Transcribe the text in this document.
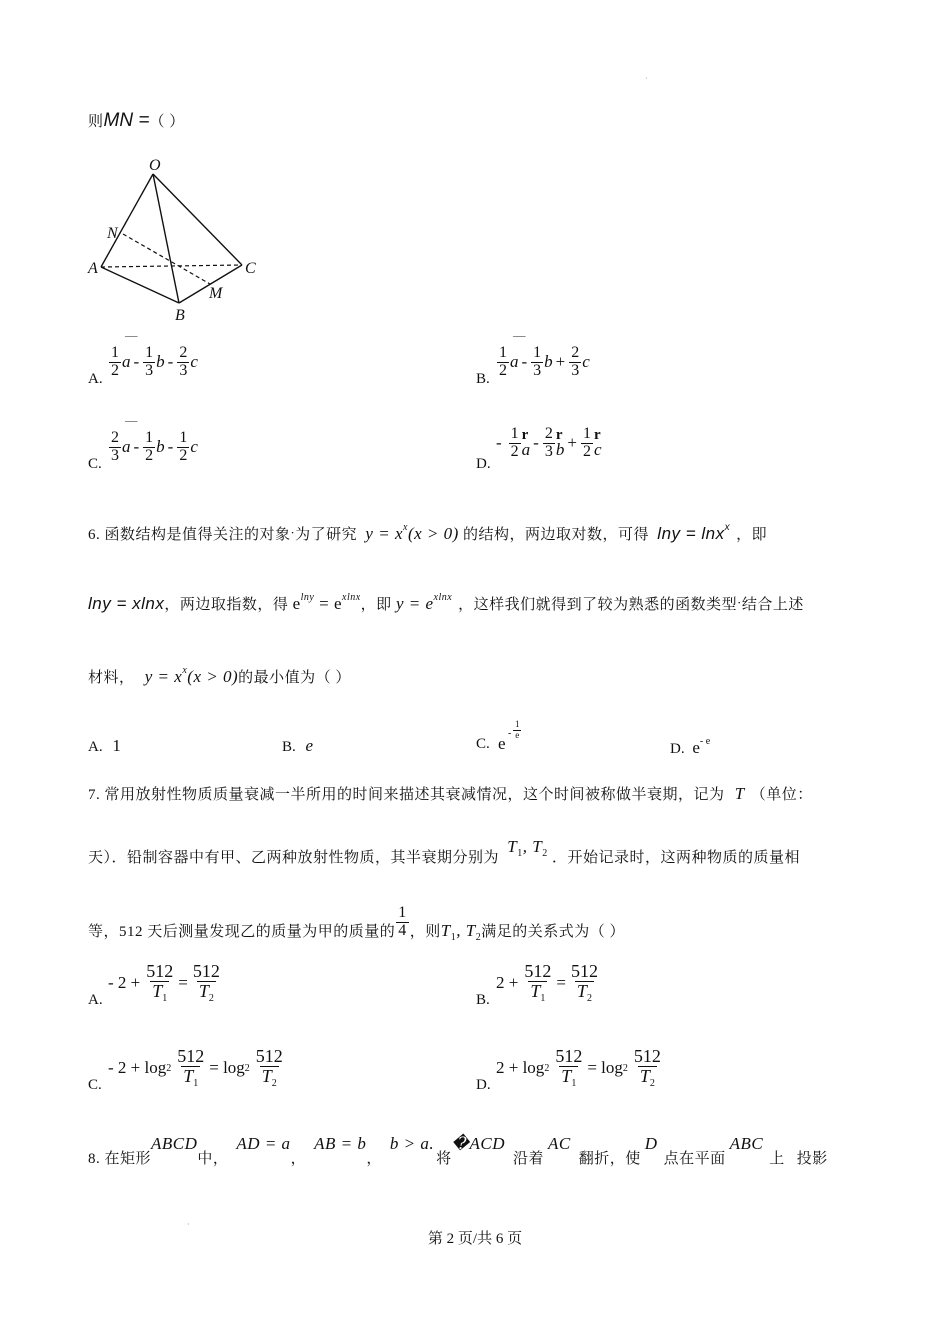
·
·
则MN =（ ）
O
N
A	C
M
B
A.
¯¯¯
$\frac{1}{2}$ a - $\frac{1}{3}$ b - $\frac{2}{3}$ c
B.
¯¯¯
$\frac{1}{2}$ a - $\frac{1}{3}$ $b + \frac{2}{3}$ c
C.
¯¯¯
$\frac{2}{3}$ a - $\frac{1}{2}$ b - $\frac{1}{2}$ c
D.
- $\frac{1}{2}$ r
a - $\frac{2}{3}$ r
$b + \frac{1}{2}$ r
c
6. 函数结构是值得关注的对象ˑ为了研究 $y = x^x(x > 0)$ 的结构，两边取对数，可得 lny = lnx$^x$ ，即
lny = xlnx，两边取指数，得 $e^{lny} = e^{xlnx}$，即 $y = e^{xlnx}$ ，这样我们就得到了较为熟悉的函数类型ˑ结合上述
材料， $y = x^x(x > 0)$的最小值为（ ）
A. 1	B. e	C. e
- $\frac{1}{e}$
D. $e^{- e}$
7. 常用放射性物质质量衰减一半所用的时间来描述其衰减情况，这个时间被称做半衰期，记为 T （单位：
天）．铅制容器中有甲、乙两种放射性物质，其半衰期分别为 $T_1$, $T_2$ ．开始记录时，这两种物质的质量相
等，512 天后测量发现乙的质量为甲的质量的 $\frac{1}{4}$ ，则$T_1$, $T_2$满足的关系式为（ ）
A.
- $2 + \frac{512}{T_1} = \frac{512}{T_2}$	B.
$2 + \frac{512}{T_1} = \frac{512}{T_2}$
C.
- $2 + \log 2 \frac{512}{T_1} = \log 2 \frac{512}{T_2}$	D.
$2 + \log 2 \frac{512}{T_1} = \log 2 \frac{512}{T_2}$
8. 在矩形ABCD中，AD = a，AB = b，b > a.将�ACD沿着AC翻折，使D点在平面ABC上 投影
第 2 页/共 6 页
